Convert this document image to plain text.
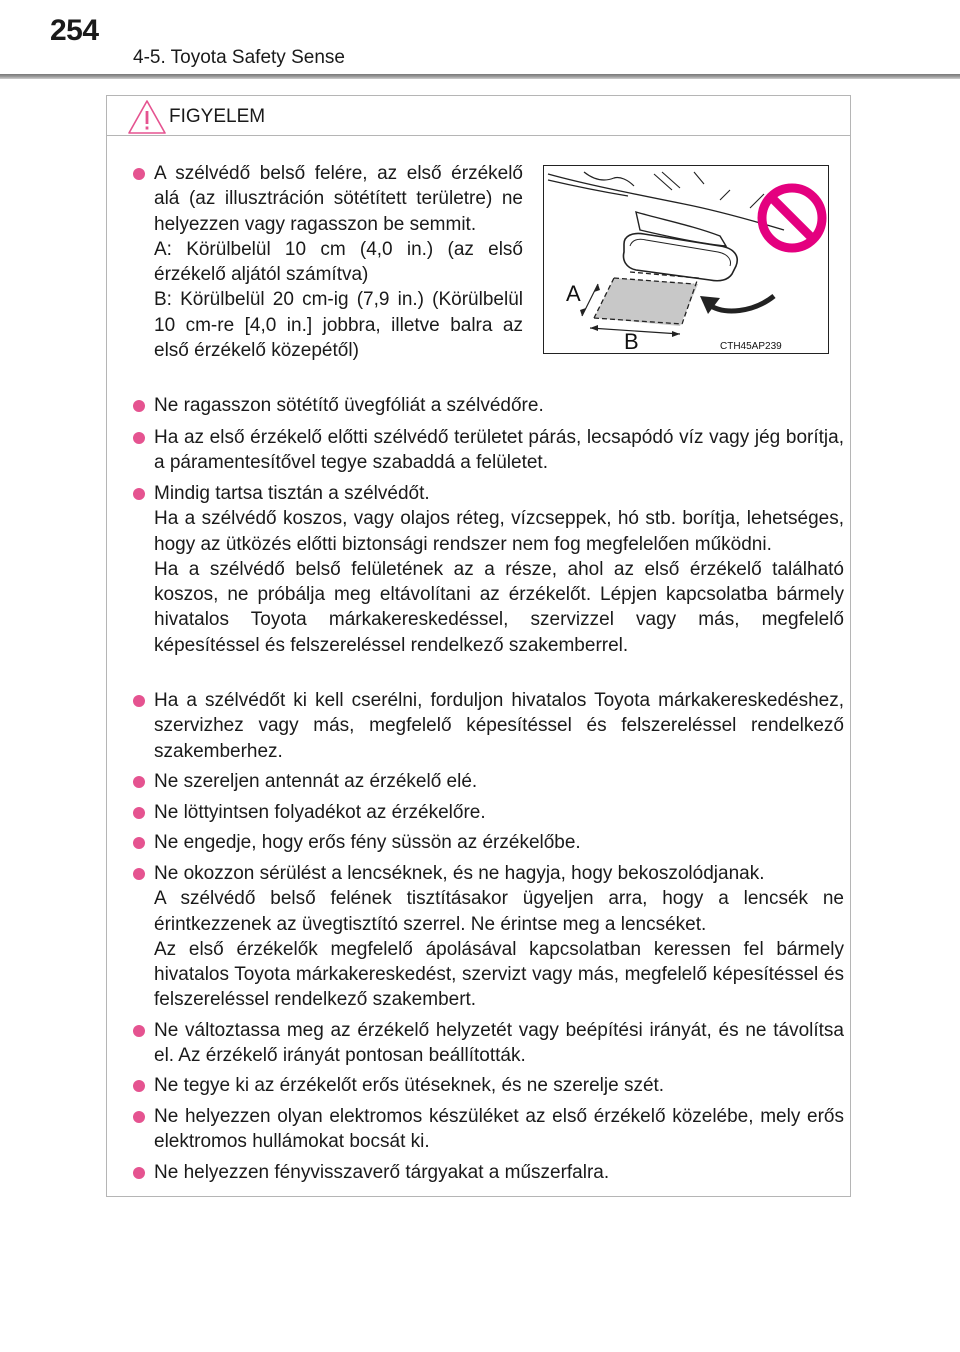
254
4-5. Toyota Safety Sense
FIGYELEM

A szélvédő belső felére, az első érzékelő alá (az illusztráción sötétített területre) ne helyezzen vagy ragasszon be semmit.

A: Körülbelül 10 cm (4,0 in.) (az első érzékelő aljától számítva)

B: Körülbelül 20 cm-ig (7,9 in.) (Körülbelül 10 cm-re [4,0 in.] jobbra, illetve balra az első érzékelő közepétől)

Ne ragasszon sötétítő üvegfóliát a szélvédőre.

Ha az első érzékelő előtti szélvédő területet párás, lecsapódó víz vagy jég borítja, a páramentesítővel tegye szabaddá a felületet.

Mindig tartsa tisztán a szélvédőt.

Ha a szélvédő koszos, vagy olajos réteg, vízcseppek, hó stb. borítja, lehetséges, hogy az ütközés előtti biztonsági rendszer nem fog megfelelően működni.

Ha a szélvédő belső felületének az a része, ahol az első érzékelő található koszos, ne próbálja meg eltávolítani az érzékelőt. Lépjen kapcsolatba bármely hivatalos Toyota márkakereskedéssel, szervizzel vagy más, megfelelő képesítéssel és felszereléssel rendelkező szakemberrel.

Ha a szélvédőt ki kell cserélni, forduljon hivatalos Toyota márkakereskedéshez, szervizhez vagy más, megfelelő képesítéssel és felszereléssel rendelkező szakemberhez.

Ne szereljen antennát az érzékelő elé.

Ne löttyintsen folyadékot az érzékelőre.

Ne engedje, hogy erős fény süssön az érzékelőbe.

Ne okozzon sérülést a lencséknek, és ne hagyja, hogy bekoszolódjanak.

A szélvédő belső felének tisztításakor ügyeljen arra, hogy a lencsék ne érintkezzenek az üvegtisztító szerrel. Ne érintse meg a lencséket.

Az első érzékelők megfelelő ápolásával kapcsolatban keressen fel bármely hivatalos Toyota márkakereskedést, szervizt vagy más, megfelelő képesítéssel és felszereléssel rendelkező szakembert.

Ne változtassa meg az érzékelő helyzetét vagy beépítési irányát, és ne távolítsa el. Az érzékelő irányát pontosan beállították.

Ne tegye ki az érzékelőt erős ütéseknek, és ne szerelje szét.

Ne helyezzen olyan elektromos készüléket az első érzékelő közelébe, mely erős elektromos hullámokat bocsát ki.

Ne helyezzen fényvisszaverő tárgyakat a műszerfalra.

A
B	CTH45AP239
